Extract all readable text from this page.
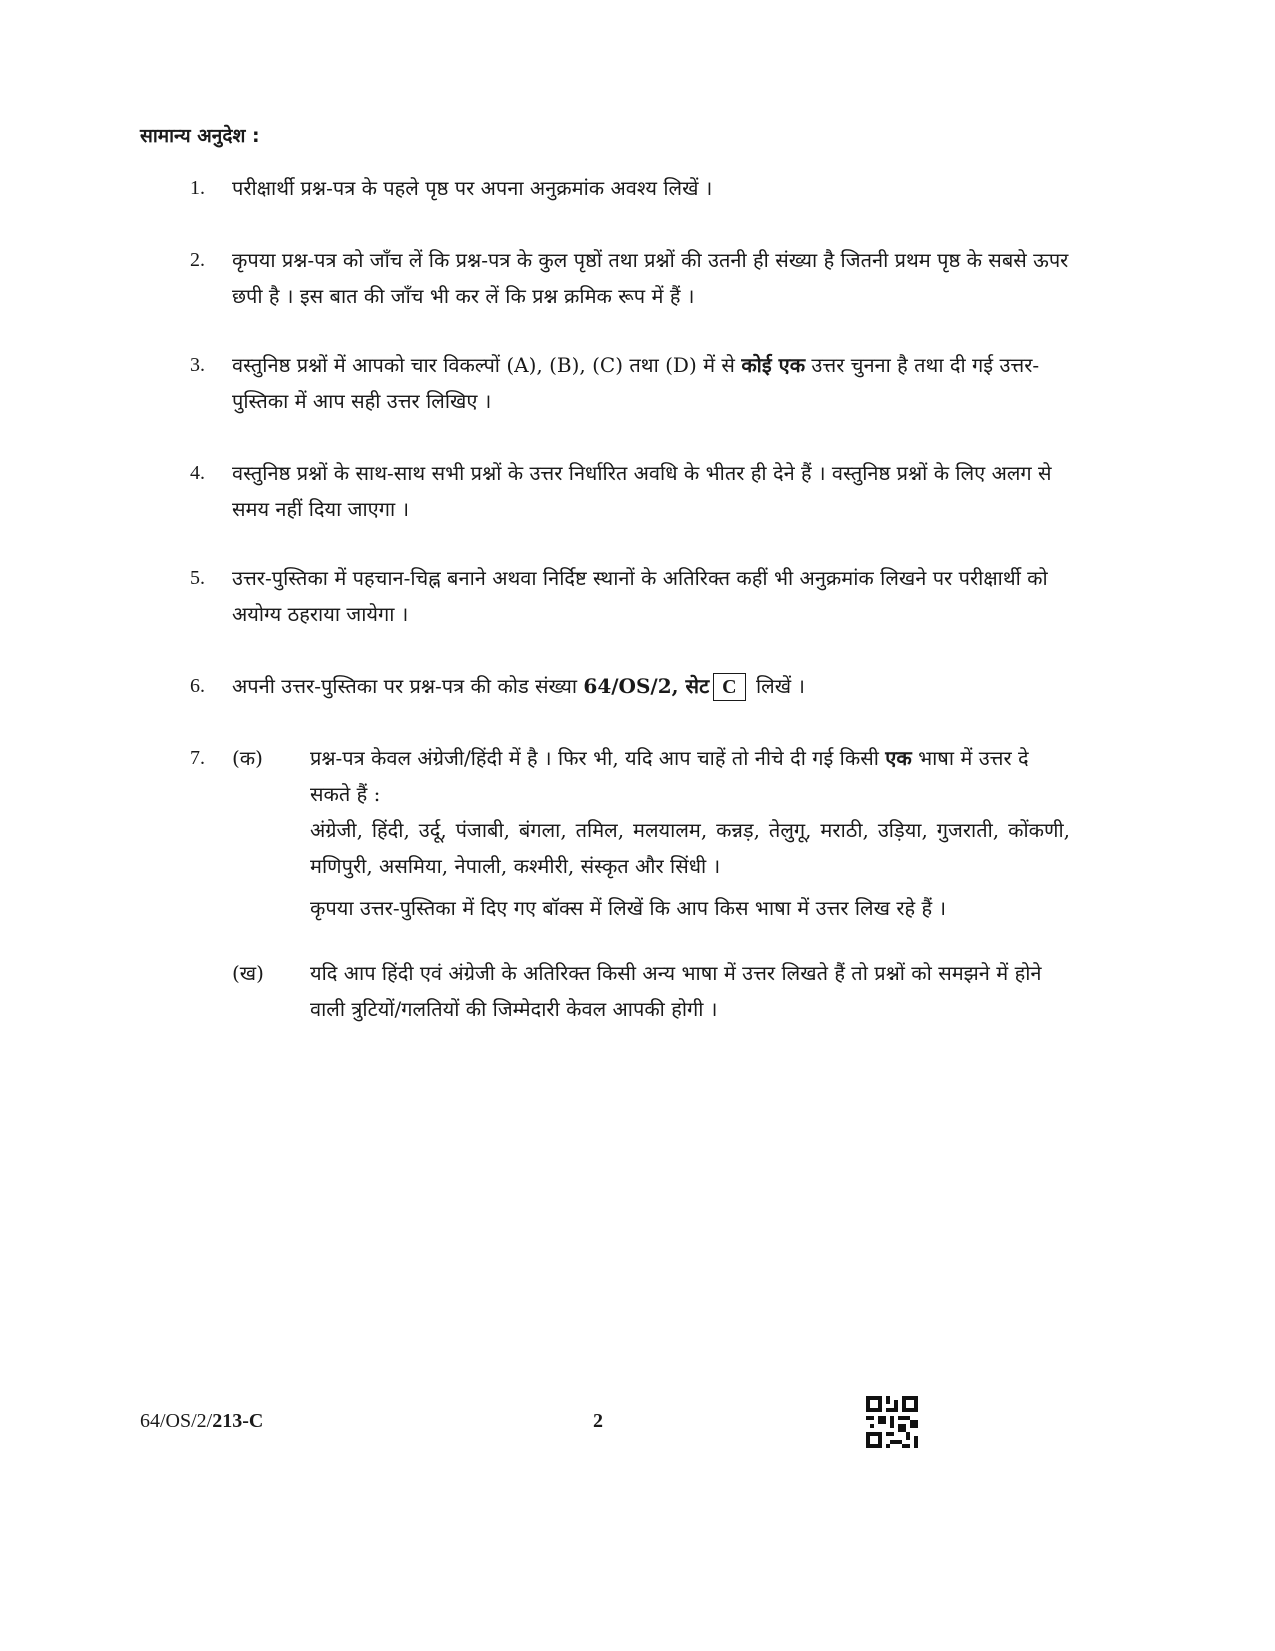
सामान्य अनुदेश :
1. परीक्षार्थी प्रश्न-पत्र के पहले पृष्ठ पर अपना अनुक्रमांक अवश्य लिखें ।
2. कृपया प्रश्न-पत्र को जाँच लें कि प्रश्न-पत्र के कुल पृष्ठों तथा प्रश्नों की उतनी ही संख्या है जितनी प्रथम पृष्ठ के सबसे ऊपर छपी है । इस बात की जाँच भी कर लें कि प्रश्न क्रमिक रूप में हैं ।
3. वस्तुनिष्ठ प्रश्नों में आपको चार विकल्पों (A), (B), (C) तथा (D) में से कोई एक उत्तर चुनना है तथा दी गई उत्तर-पुस्तिका में आप सही उत्तर लिखिए ।
4. वस्तुनिष्ठ प्रश्नों के साथ-साथ सभी प्रश्नों के उत्तर निर्धारित अवधि के भीतर ही देने हैं । वस्तुनिष्ठ प्रश्नों के लिए अलग से समय नहीं दिया जाएगा ।
5. उत्तर-पुस्तिका में पहचान-चिह्न बनाने अथवा निर्दिष्ट स्थानों के अतिरिक्त कहीं भी अनुक्रमांक लिखने पर परीक्षार्थी को अयोग्य ठहराया जायेगा ।
6. अपनी उत्तर-पुस्तिका पर प्रश्न-पत्र की कोड संख्या 64/OS/2, सेट C लिखें ।
7. (क) प्रश्न-पत्र केवल अंग्रेजी/हिंदी में है । फिर भी, यदि आप चाहें तो नीचे दी गई किसी एक भाषा में उत्तर दे सकते हैं :
अंग्रेजी, हिंदी, उर्दू, पंजाबी, बंगला, तमिल, मलयालम, कन्नड़, तेलुगू, मराठी, उड़िया, गुजराती, कोंकणी, मणिपुरी, असमिया, नेपाली, कश्मीरी, संस्कृत और सिंधी ।
कृपया उत्तर-पुस्तिका में दिए गए बॉक्स में लिखें कि आप किस भाषा में उत्तर लिख रहे हैं ।
(ख) यदि आप हिंदी एवं अंग्रेजी के अतिरिक्त किसी अन्य भाषा में उत्तर लिखते हैं तो प्रश्नों को समझने में होने वाली त्रुटियों/गलतियों की जिम्मेदारी केवल आपकी होगी ।
64/OS/2/213-C	2
